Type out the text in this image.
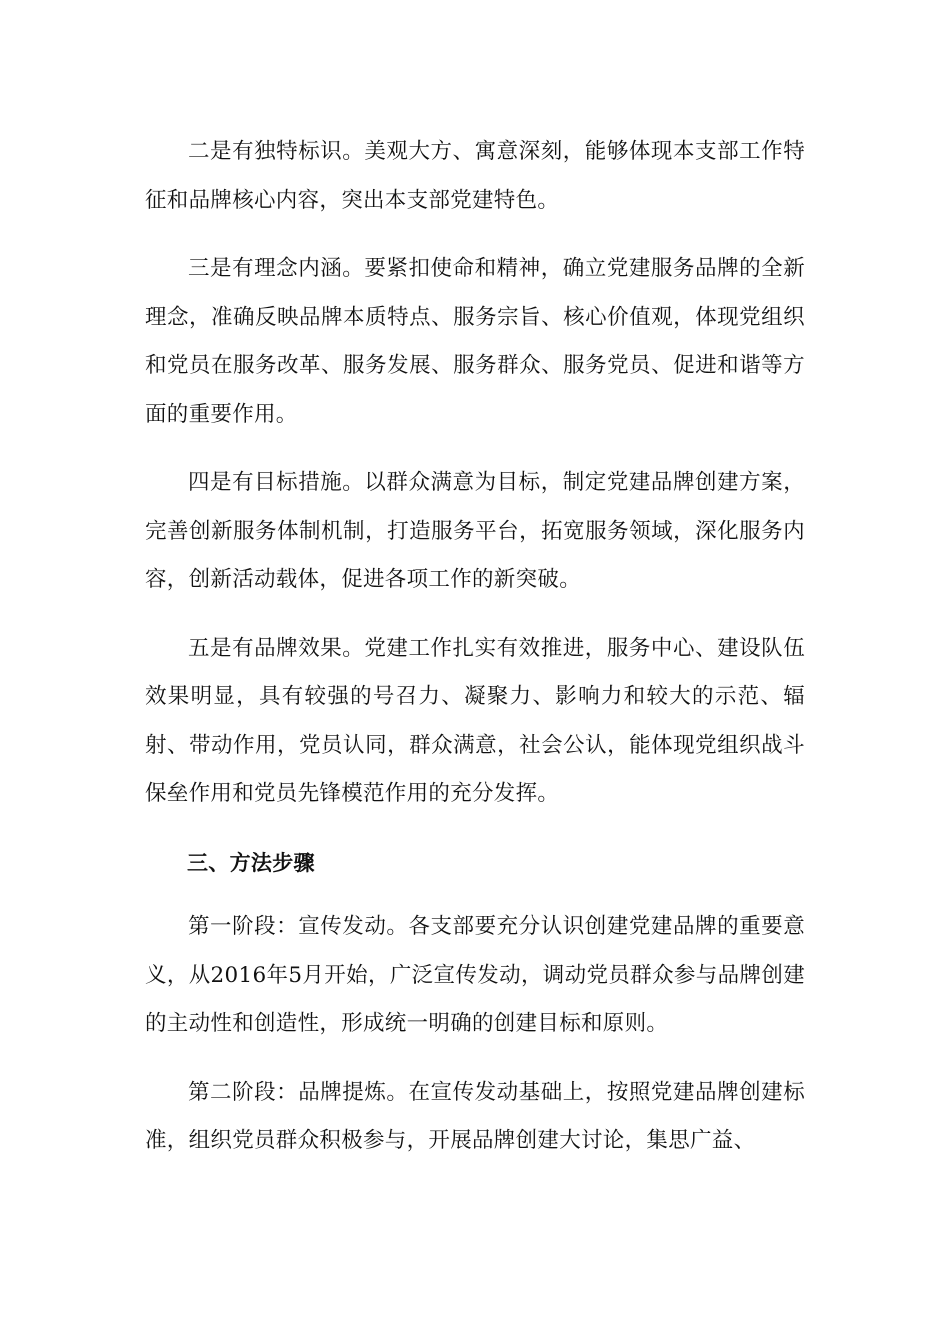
二是有独特标识。美观大方、寓意深刻，能够体现本支部工作特征和品牌核心内容，突出本支部党建特色。

三是有理念内涵。要紧扣使命和精神，确立党建服务品牌的全新理念，准确反映品牌本质特点、服务宗旨、核心价值观，体现党组织和党员在服务改革、服务发展、服务群众、服务党员、促进和谐等方面的重要作用。

四是有目标措施。以群众满意为目标，制定党建品牌创建方案，完善创新服务体制机制，打造服务平台，拓宽服务领域，深化服务内容，创新活动载体，促进各项工作的新突破。

五是有品牌效果。党建工作扎实有效推进，服务中心、建设队伍效果明显，具有较强的号召力、凝聚力、影响力和较大的示范、辐射、带动作用，党员认同，群众满意，社会公认，能体现党组织战斗保垒作用和党员先锋模范作用的充分发挥。

三、方法步骤

第一阶段：宣传发动。各支部要充分认识创建党建品牌的重要意义，从2016年5月开始，广泛宣传发动，调动党员群众参与品牌创建的主动性和创造性，形成统一明确的创建目标和原则。

第二阶段：品牌提炼。在宣传发动基础上，按照党建品牌创建标准，组织党员群众积极参与，开展品牌创建大讨论，集思广益、
